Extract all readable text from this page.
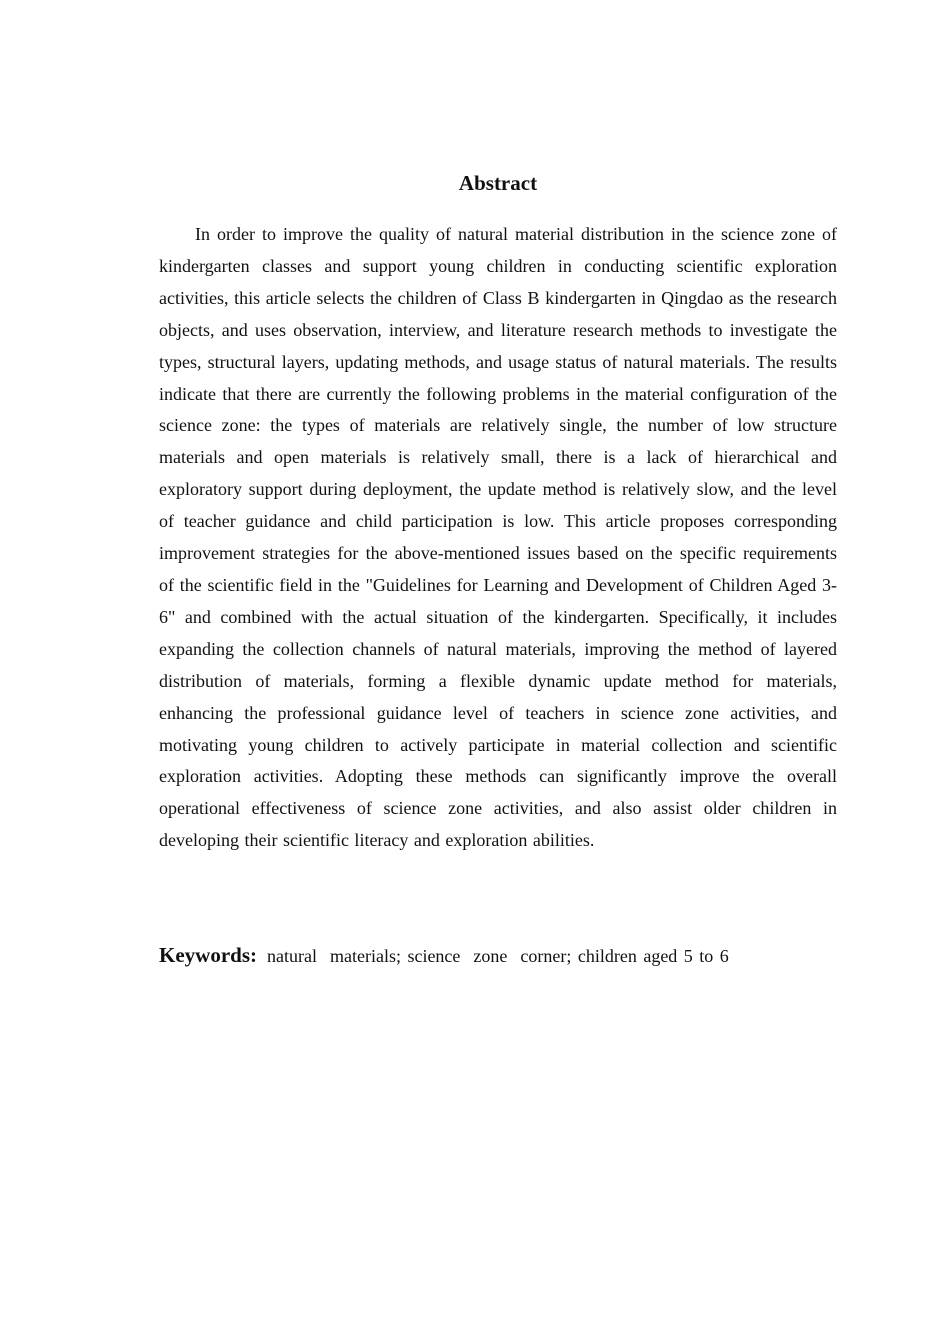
Abstract

In order to improve the quality of natural material distribution in the science zone of kindergarten classes and support young children in conducting scientific exploration activities, this article selects the children of Class B kindergarten in Qingdao as the research objects, and uses observation, interview, and literature research methods to investigate the types, structural layers, updating methods, and usage status of natural materials. The results indicate that there are currently the following problems in the material configuration of the science zone: the types of materials are relatively single, the number of low structure materials and open materials is relatively small, there is a lack of hierarchical and exploratory support during deployment, the update method is relatively slow, and the level of teacher guidance and child participation is low. This article proposes corresponding improvement strategies for the above-mentioned issues based on the specific requirements of the scientific field in the "Guidelines for Learning and Development of Children Aged 3-6" and combined with the actual situation of the kindergarten. Specifically, it includes expanding the collection channels of natural materials, improving the method of layered distribution of materials, forming a flexible dynamic update method for materials, enhancing the professional guidance level of teachers in science zone activities, and motivating young children to actively participate in material collection and scientific exploration activities. Adopting these methods can significantly improve the overall operational effectiveness of science zone activities, and also assist older children in developing their scientific literacy and exploration abilities.

Keywords: natural  materials; science  zone  corner; children aged 5 to 6
